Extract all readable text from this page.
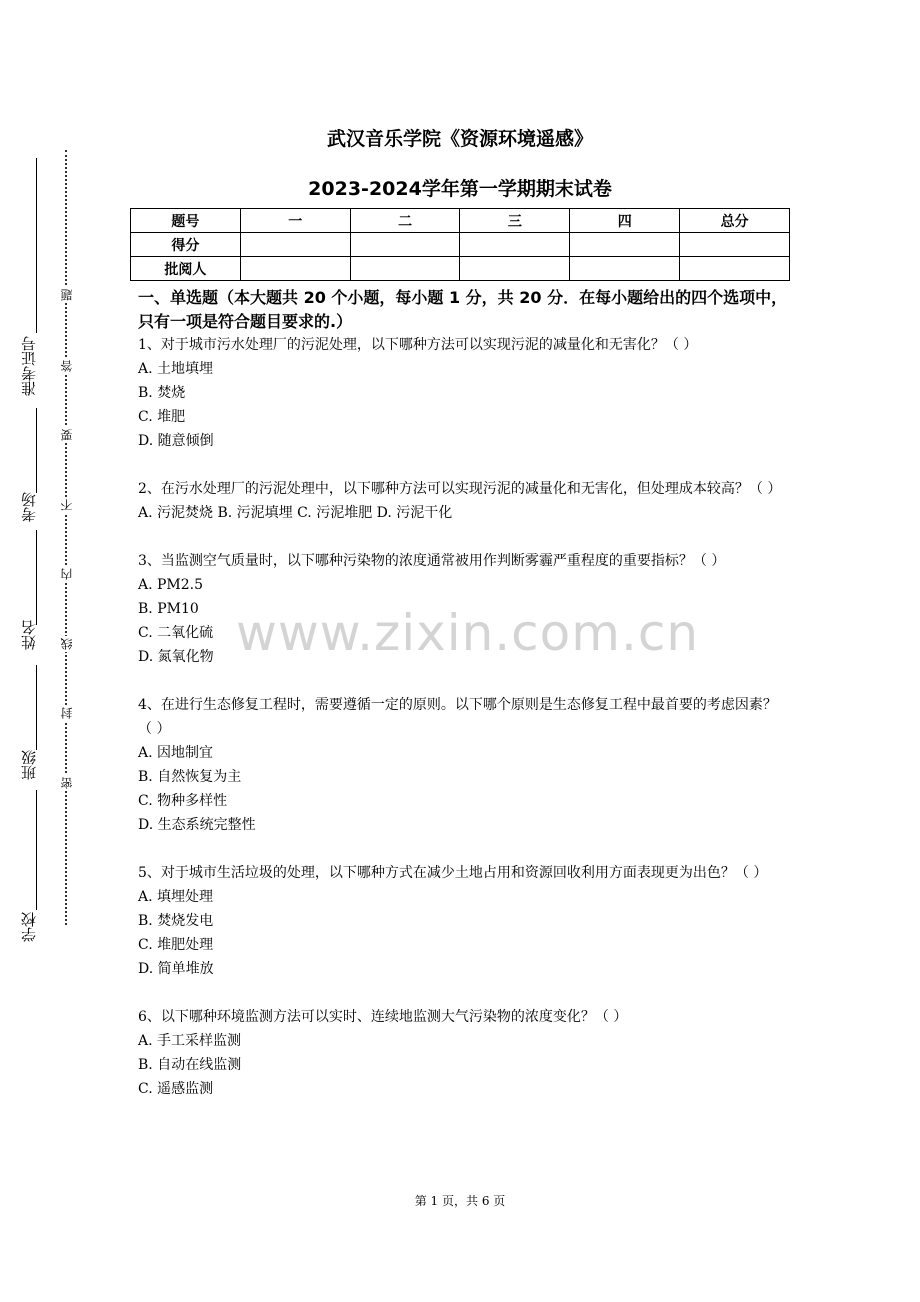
准考证号
考场
姓名
班级
学校
题
答
要
不
内
线
封
密
武汉音乐学院《资源环境遥感》
2023-2024学年第一学期期末试卷
题号	一	二	三	四	总分
得分					
批阅人					
一、单选题（本大题共 20 个小题，每小题 1 分，共 20 分．在每小题给出的四个选项中，只有一项是符合题目要求的.）

1、对于城市污水处理厂的污泥处理，以下哪种方法可以实现污泥的减量化和无害化？（ ）

A. 土地填埋

B. 焚烧

C. 堆肥

D. 随意倾倒

2、在污水处理厂的污泥处理中，以下哪种方法可以实现污泥的减量化和无害化，但处理成本较高？（ ）

A. 污泥焚烧 B. 污泥填埋 C. 污泥堆肥 D. 污泥干化

3、当监测空气质量时，以下哪种污染物的浓度通常被用作判断雾霾严重程度的重要指标？（ ）

A. PM2.5

B. PM10

C. 二氧化硫

D. 氮氧化物

4、在进行生态修复工程时，需要遵循一定的原则。以下哪个原则是生态修复工程中最首要的考虑因素？（ ）

A. 因地制宜

B. 自然恢复为主

C. 物种多样性

D. 生态系统完整性

5、对于城市生活垃圾的处理，以下哪种方式在减少土地占用和资源回收利用方面表现更为出色？（ ）

A. 填埋处理

B. 焚烧发电

C. 堆肥处理

D. 简单堆放

6、以下哪种环境监测方法可以实时、连续地监测大气污染物的浓度变化？（ ）

A. 手工采样监测

B. 自动在线监测

C. 遥感监测

www.zixin.com.cn
第 1 页，共 6 页
